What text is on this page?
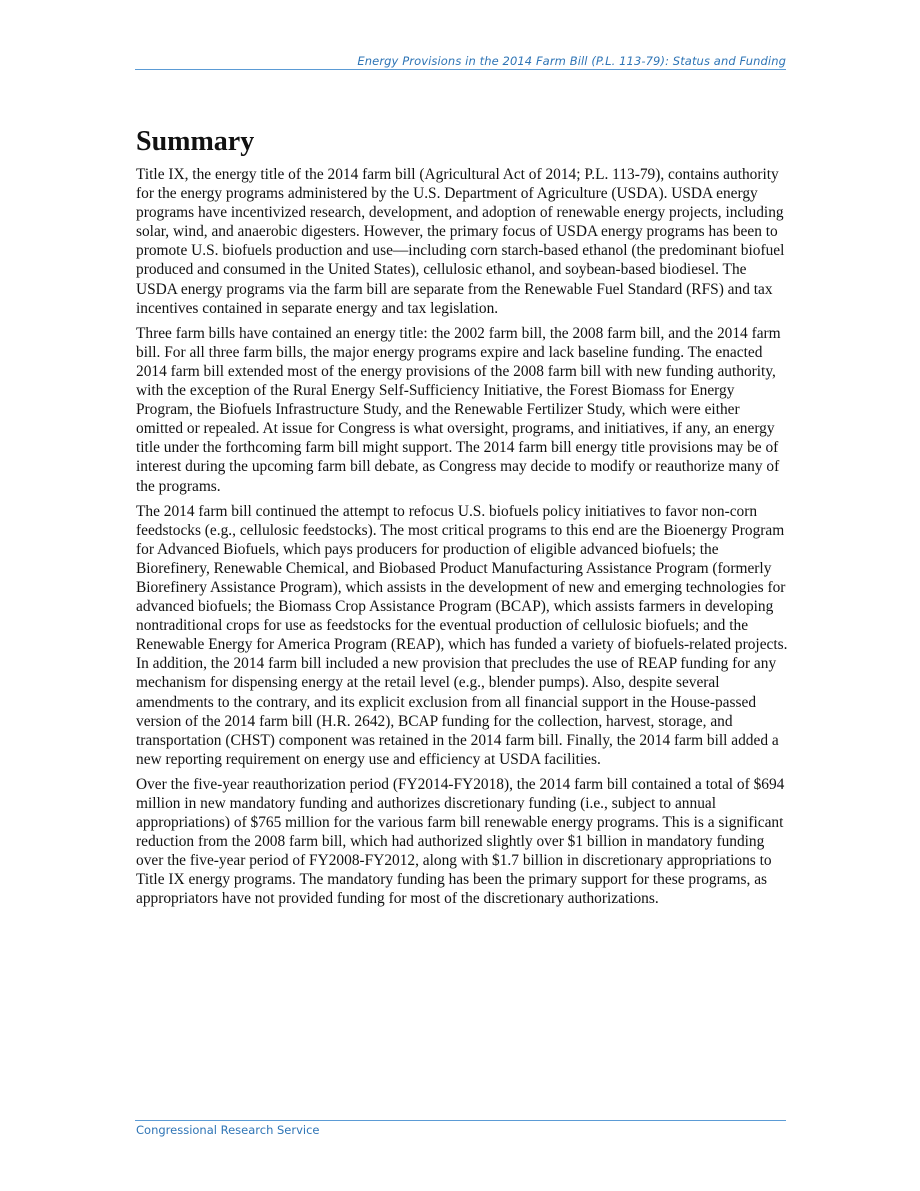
Energy Provisions in the 2014 Farm Bill (P.L. 113-79): Status and Funding
Summary

Title IX, the energy title of the 2014 farm bill (Agricultural Act of 2014; P.L. 113-79), contains authority for the energy programs administered by the U.S. Department of Agriculture (USDA). USDA energy programs have incentivized research, development, and adoption of renewable energy projects, including solar, wind, and anaerobic digesters. However, the primary focus of USDA energy programs has been to promote U.S. biofuels production and use—including corn starch-based ethanol (the predominant biofuel produced and consumed in the United States), cellulosic ethanol, and soybean-based biodiesel. The USDA energy programs via the farm bill are separate from the Renewable Fuel Standard (RFS) and tax incentives contained in separate energy and tax legislation.

Three farm bills have contained an energy title: the 2002 farm bill, the 2008 farm bill, and the 2014 farm bill. For all three farm bills, the major energy programs expire and lack baseline funding. The enacted 2014 farm bill extended most of the energy provisions of the 2008 farm bill with new funding authority, with the exception of the Rural Energy Self-Sufficiency Initiative, the Forest Biomass for Energy Program, the Biofuels Infrastructure Study, and the Renewable Fertilizer Study, which were either omitted or repealed. At issue for Congress is what oversight, programs, and initiatives, if any, an energy title under the forthcoming farm bill might support. The 2014 farm bill energy title provisions may be of interest during the upcoming farm bill debate, as Congress may decide to modify or reauthorize many of the programs.

The 2014 farm bill continued the attempt to refocus U.S. biofuels policy initiatives to favor non-corn feedstocks (e.g., cellulosic feedstocks). The most critical programs to this end are the Bioenergy Program for Advanced Biofuels, which pays producers for production of eligible advanced biofuels; the Biorefinery, Renewable Chemical, and Biobased Product Manufacturing Assistance Program (formerly Biorefinery Assistance Program), which assists in the development of new and emerging technologies for advanced biofuels; the Biomass Crop Assistance Program (BCAP), which assists farmers in developing nontraditional crops for use as feedstocks for the eventual production of cellulosic biofuels; and the Renewable Energy for America Program (REAP), which has funded a variety of biofuels-related projects. In addition, the 2014 farm bill included a new provision that precludes the use of REAP funding for any mechanism for dispensing energy at the retail level (e.g., blender pumps). Also, despite several amendments to the contrary, and its explicit exclusion from all financial support in the House-passed version of the 2014 farm bill (H.R. 2642), BCAP funding for the collection, harvest, storage, and transportation (CHST) component was retained in the 2014 farm bill. Finally, the 2014 farm bill added a new reporting requirement on energy use and efficiency at USDA facilities.

Over the five-year reauthorization period (FY2014-FY2018), the 2014 farm bill contained a total of $694 million in new mandatory funding and authorizes discretionary funding (i.e., subject to annual appropriations) of $765 million for the various farm bill renewable energy programs. This is a significant reduction from the 2008 farm bill, which had authorized slightly over $1 billion in mandatory funding over the five-year period of FY2008-FY2012, along with $1.7 billion in discretionary appropriations to Title IX energy programs. The mandatory funding has been the primary support for these programs, as appropriators have not provided funding for most of the discretionary authorizations.

Congressional Research Service
